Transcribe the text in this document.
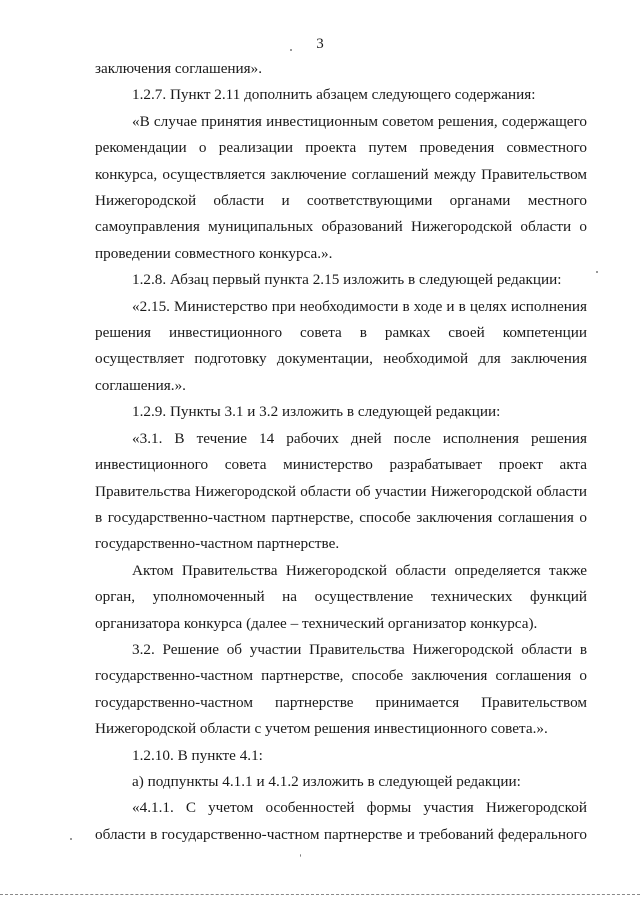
3

заключения соглашения».

1.2.7. Пункт 2.11 дополнить абзацем следующего содержания:

«В случае принятия инвестиционным советом решения, содержащего рекомендации о реализации проекта путем проведения совместного конкурса, осуществляется заключение соглашений между Правительством Нижегородской области и соответствующими органами местного самоуправления муниципальных образований Нижегородской области о проведении совместного конкурса.».

1.2.8. Абзац первый пункта 2.15 изложить в следующей редакции:

«2.15. Министерство при необходимости в ходе и в целях исполнения решения инвестиционного совета в рамках своей компетенции осуществляет подготовку документации, необходимой для заключения соглашения.».

1.2.9. Пункты 3.1 и 3.2 изложить в следующей редакции:

«3.1. В течение 14 рабочих дней после исполнения решения инвестиционного совета министерство разрабатывает проект акта Правительства Нижегородской области об участии Нижегородской области в государственно-частном партнерстве, способе заключения соглашения о государственно-частном партнерстве.

Актом Правительства Нижегородской области определяется также орган, уполномоченный на осуществление технических функций организатора конкурса (далее – технический организатор конкурса).

3.2. Решение об участии Правительства Нижегородской области в государственно-частном партнерстве, способе заключения соглашения о государственно-частном партнерстве принимается Правительством Нижегородской области с учетом решения инвестиционного совета.».

1.2.10. В пункте 4.1:

а) подпункты 4.1.1 и 4.1.2 изложить в следующей редакции:

«4.1.1. С учетом особенностей формы участия Нижегородской области в государственно-частном партнерстве и требований федерального
